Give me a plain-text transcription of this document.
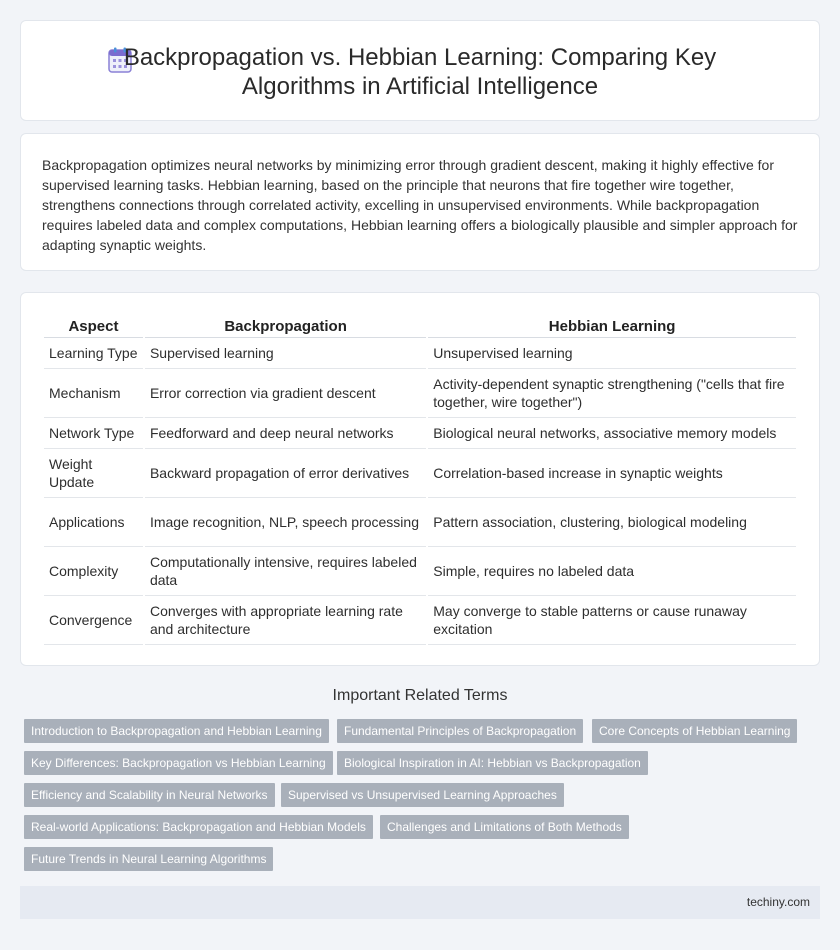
Backpropagation vs. Hebbian Learning: Comparing Key Algorithms in Artificial Intelligence

Backpropagation optimizes neural networks by minimizing error through gradient descent, making it highly effective for supervised learning tasks. Hebbian learning, based on the principle that neurons that fire together wire together, strengthens connections through correlated activity, excelling in unsupervised environments. While backpropagation requires labeled data and complex computations, Hebbian learning offers a biologically plausible and simpler approach for adapting synaptic weights.

Aspect	Backpropagation	Hebbian Learning
Learning Type	Supervised learning	Unsupervised learning
Mechanism	Error correction via gradient descent	Activity-dependent synaptic strengthening ("cells that fire together, wire together")
Network Type	Feedforward and deep neural networks	Biological neural networks, associative memory models
Weight Update	Backward propagation of error derivatives	Correlation-based increase in synaptic weights
Applications	Image recognition, NLP, speech processing	Pattern association, clustering, biological modeling
Complexity	Computationally intensive, requires labeled data	Simple, requires no labeled data
Convergence	Converges with appropriate learning rate and architecture	May converge to stable patterns or cause runaway excitation
Important Related Terms
Introduction to Backpropagation and Hebbian Learning	Fundamental Principles of Backpropagation	Core Concepts of Hebbian Learning
Key Differences: Backpropagation vs Hebbian Learning	Biological Inspiration in AI: Hebbian vs Backpropagation
Efficiency and Scalability in Neural Networks	Supervised vs Unsupervised Learning Approaches
Real-world Applications: Backpropagation and Hebbian Models	Challenges and Limitations of Both Methods
Future Trends in Neural Learning Algorithms
techiny.com
